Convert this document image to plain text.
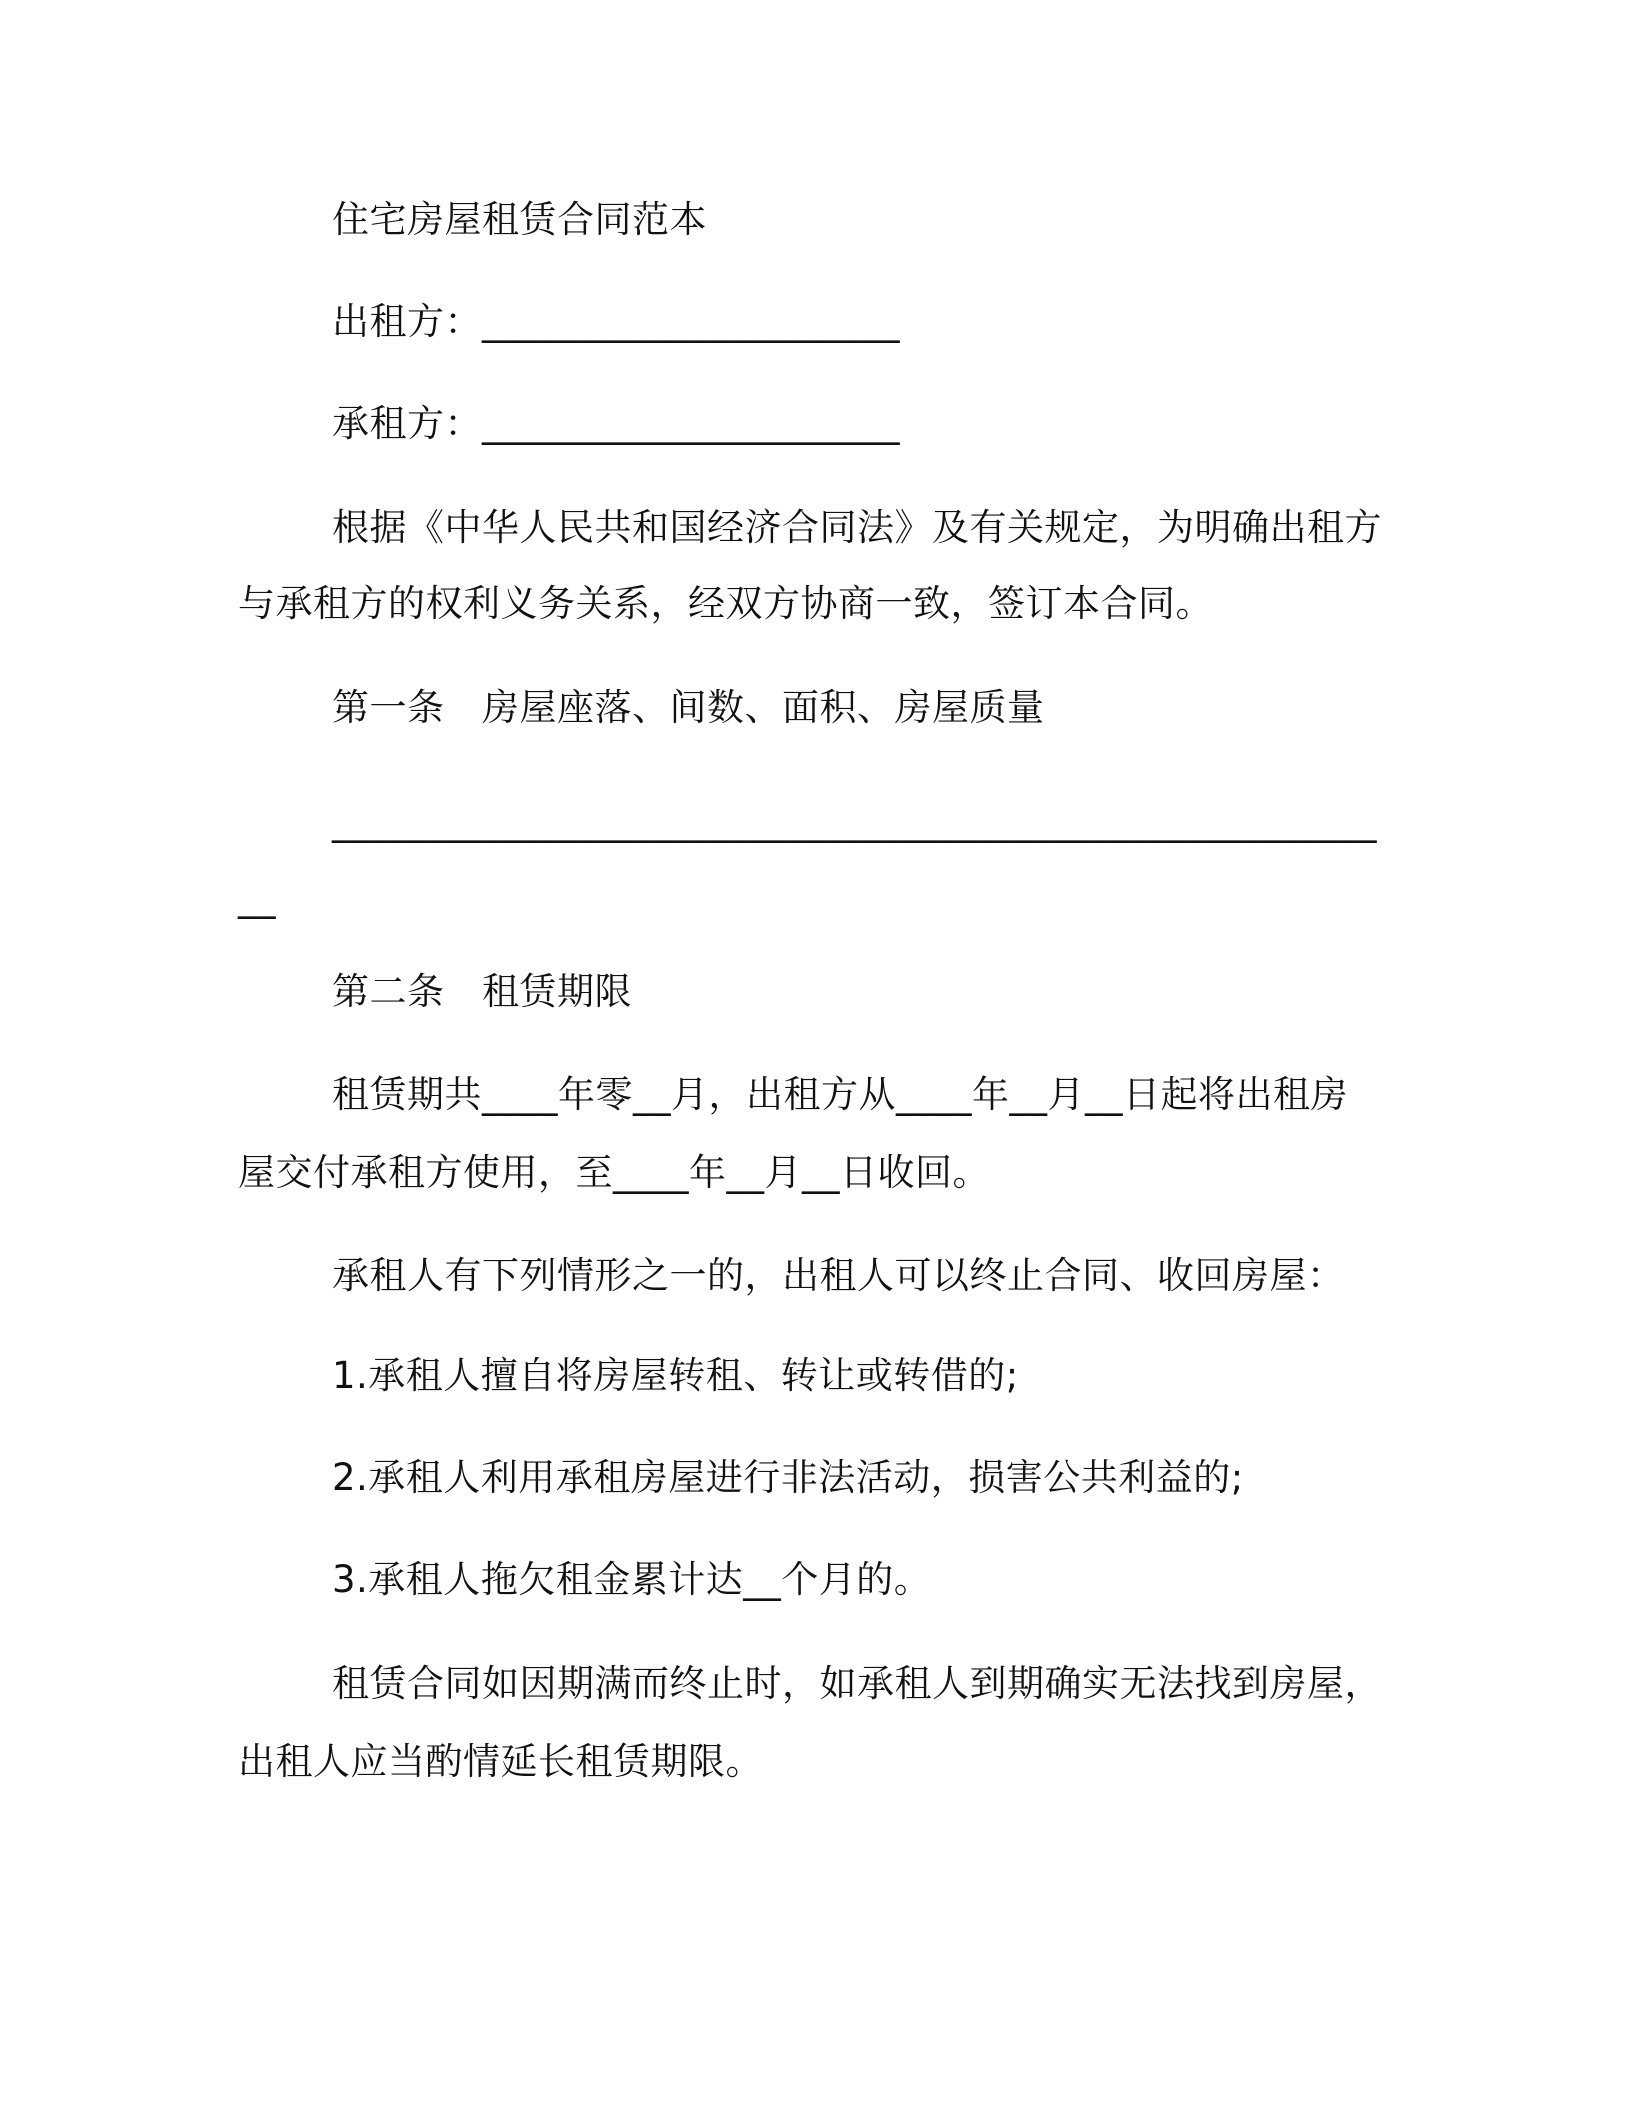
住宅房屋租赁合同范本
出租方：______________________
承租方：______________________
根据《中华人民共和国经济合同法》及有关规定，为明确出租方
与承租方的权利义务关系，经双方协商一致，签订本合同。
第一条　房屋座落、间数、面积、房屋质量
_______________________________________________________
__
第二条　租赁期限
租赁期共____年零__月，出租方从____年__月__日起将出租房
屋交付承租方使用，至____年__月__日收回。
承租人有下列情形之一的，出租人可以终止合同、收回房屋：
1.承租人擅自将房屋转租、转让或转借的;
2.承租人利用承租房屋进行非法活动，损害公共利益的;
3.承租人拖欠租金累计达__个月的。
租赁合同如因期满而终止时，如承租人到期确实无法找到房屋，
出租人应当酌情延长租赁期限。
